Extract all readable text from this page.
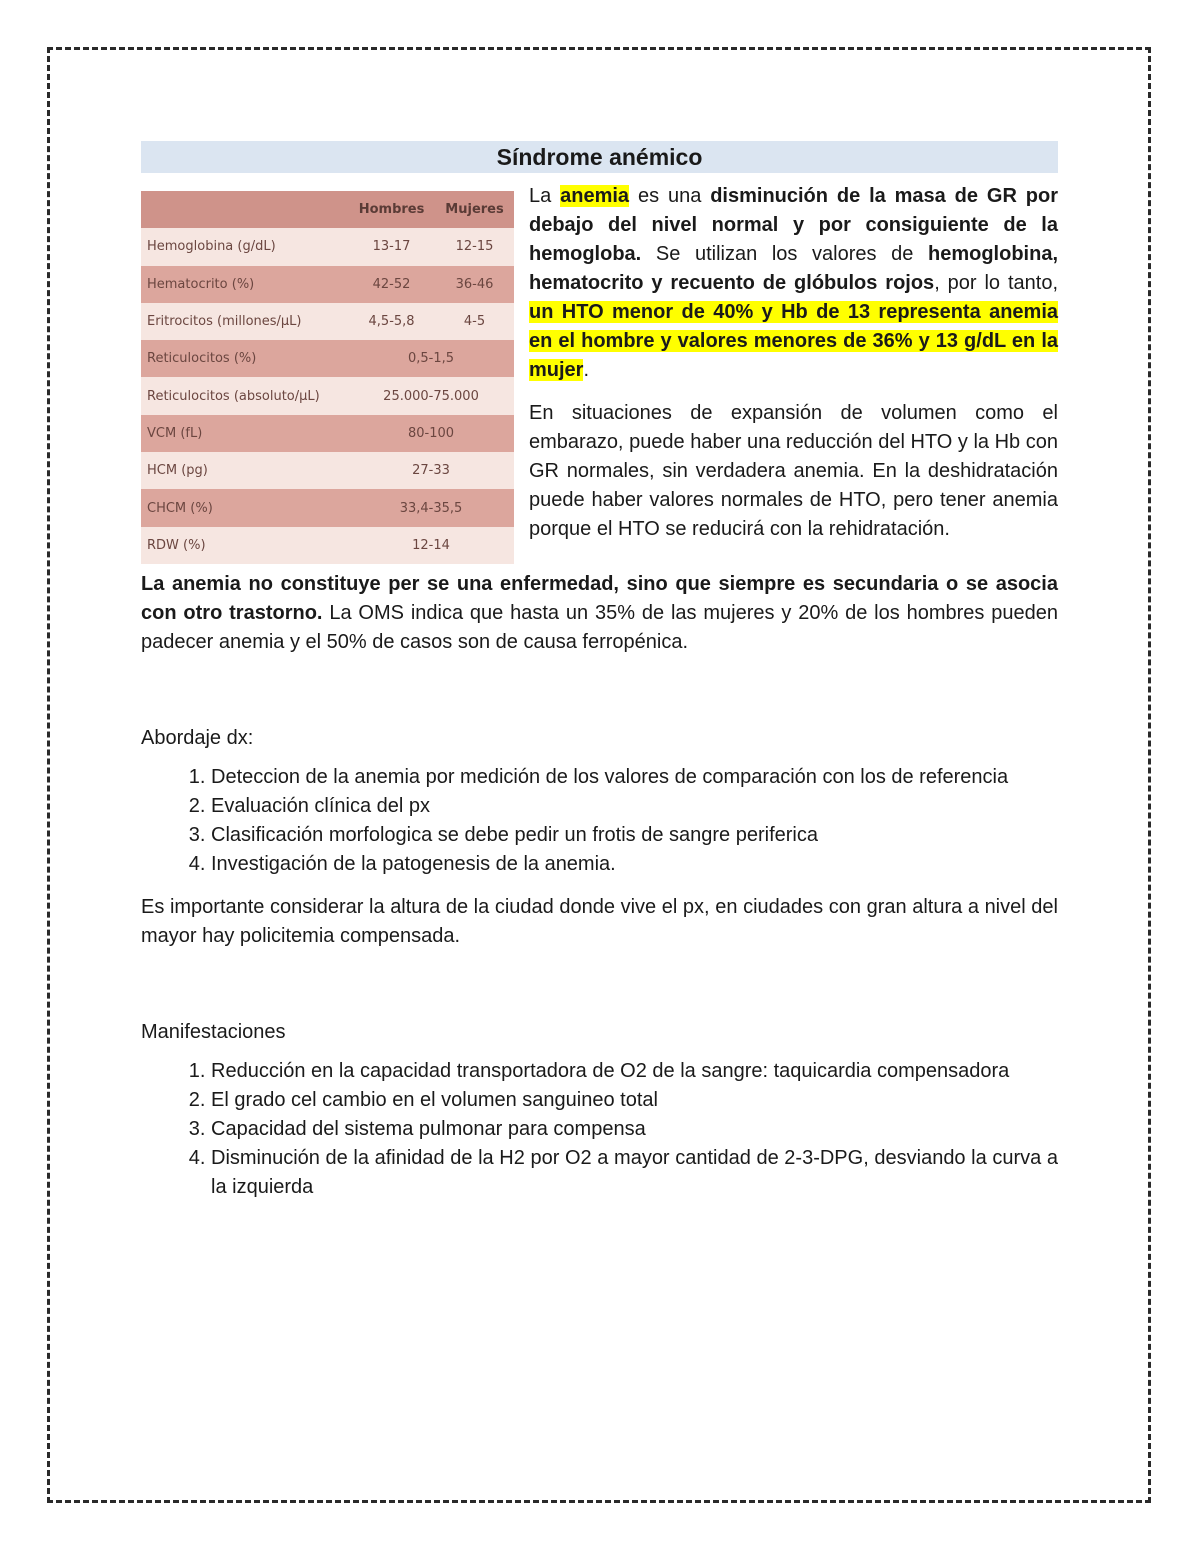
Síndrome anémico
	Hombres	Mujeres
Hemoglobina (g/dL)	13-17	12-15
Hematocrito (%)	42-52	36-46
Eritrocitos (millones/µL)	4,5-5,8	4-5
Reticulocitos (%)	0,5-1,5	
Reticulocitos (absoluto/µL)	25.000-75.000	
VCM (fL)	80-100	
HCM (pg)	27-33	
CHCM (%)	33,4-35,5	
RDW (%)	12-14	

La anemia es una disminución de la masa de GR por debajo del nivel normal y por consiguiente de la hemogloba. Se utilizan los valores de hemoglobina, hematocrito y recuento de glóbulos rojos, por lo tanto, un HTO menor de 40% y Hb de 13 representa anemia en el hombre y valores menores de 36% y 13 g/dL en la mujer.

En situaciones de expansión de volumen como el embarazo, puede haber una reducción del HTO y la Hb con GR normales, sin verdadera anemia. En la deshidratación puede haber valores normales de HTO, pero tener anemia porque el HTO se reducirá con la rehidratación.

La anemia no constituye per se una enfermedad, sino que siempre es secundaria o se asocia con otro trastorno. La OMS indica que hasta un 35% de las mujeres y 20% de los hombres pueden padecer anemia y el 50% de casos son de causa ferropénica.

Abordaje dx:

1. Deteccion de la anemia por medición de los valores de comparación con los de referencia
2. Evaluación clínica del px
3. Clasificación morfologica se debe pedir un frotis de sangre periferica
4. Investigación de la patogenesis de la anemia.

Es importante considerar la altura de la ciudad donde vive el px, en ciudades con gran altura a nivel del mayor hay policitemia compensada.

Manifestaciones

1. Reducción en la capacidad transportadora de O2 de la sangre: taquicardia compensadora
2. El grado cel cambio en el volumen sanguineo total
3. Capacidad del sistema pulmonar para compensa
4. Disminución de la afinidad de la H2 por O2 a mayor cantidad de 2-3-DPG, desviando la curva a la izquierda
